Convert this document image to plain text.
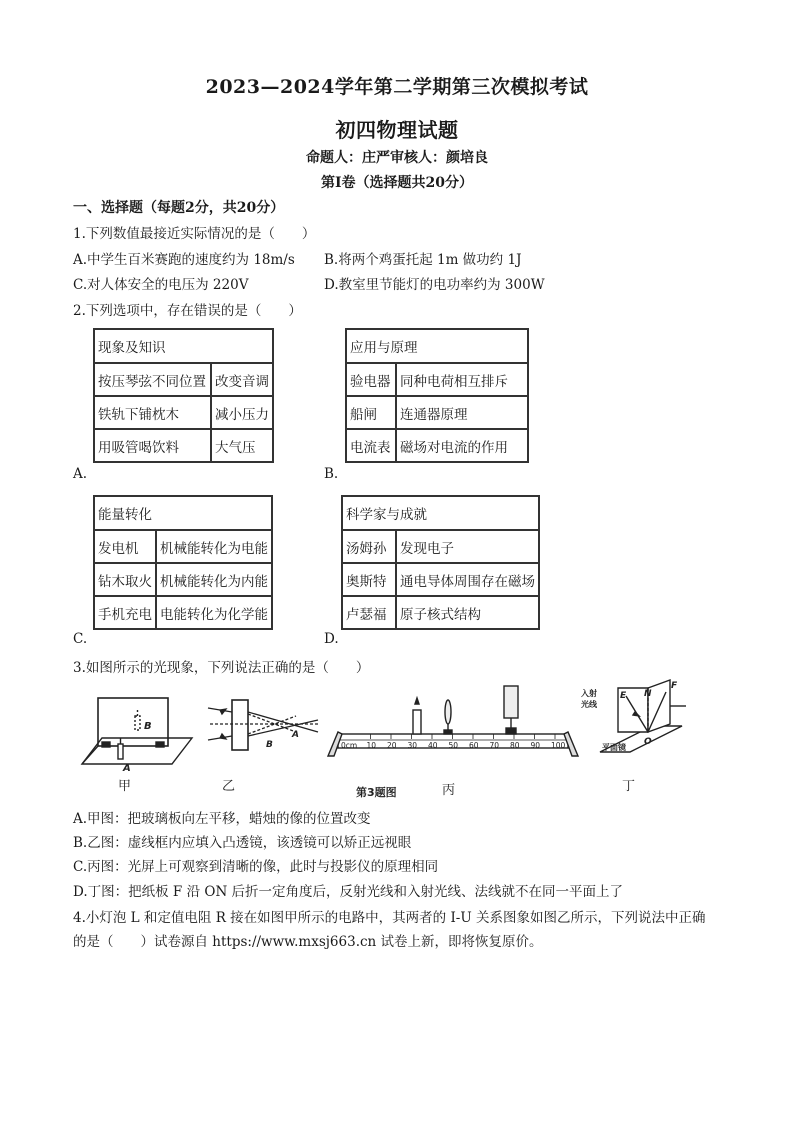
2023—2024学年第二学期第三次模拟考试
初四物理试题
命题人：庄严审核人：颜培良
第Ⅰ卷（选择题共20分）
一、选择题（每题2分，共20分）
1.下列数值最接近实际情况的是（　　）
A.中学生百米赛跑的速度约为 18m/s B.将两个鸡蛋托起 1m 做功约 1J
C.对人体安全的电压为 220V	D.教室里节能灯的电功率约为 300W
2.下列选项中，存在错误的是（　　）
现象及知识	
按压琴弦不同位置	改变音调
铁轨下铺枕木	减小压力
用吸管喝饮料	大气压
A.
应用与原理	
验电器	同种电荷相互排斥
船闸	连通器原理
电流表	磁场对电流的作用
B.
能量转化	
发电机	机械能转化为电能
钻木取火	机械能转化为内能
手机充电	电能转化为化学能
C.
科学家与成就	
汤姆孙	发现电子
奥斯特	通电导体周围存在磁场
卢瑟福	原子核式结构
D.
3.如图所示的光现象，下列说法正确的是（　　）
A
B
B
A
10 20 30 40 50 60 70 80 90 100
0cm
入射
光线
E N
F
O
平面镜
甲	乙	丙	丁
第3题图
A.甲图：把玻璃板向左平移，蜡烛的像的位置改变
B.乙图：虚线框内应填入凸透镜，该透镜可以矫正远视眼
C.丙图：光屏上可观察到清晰的像，此时与投影仪的原理相同
D.丁图：把纸板 F 沿 ON 后折一定角度后，反射光线和入射光线、法线就不在同一平面上了
4.小灯泡 L 和定值电阻 R 接在如图甲所示的电路中，其两者的 I-U 关系图象如图乙所示，下列说法中正确
的是（　　）试卷源自 https://www.mxsj663.cn 试卷上新，即将恢复原价。
